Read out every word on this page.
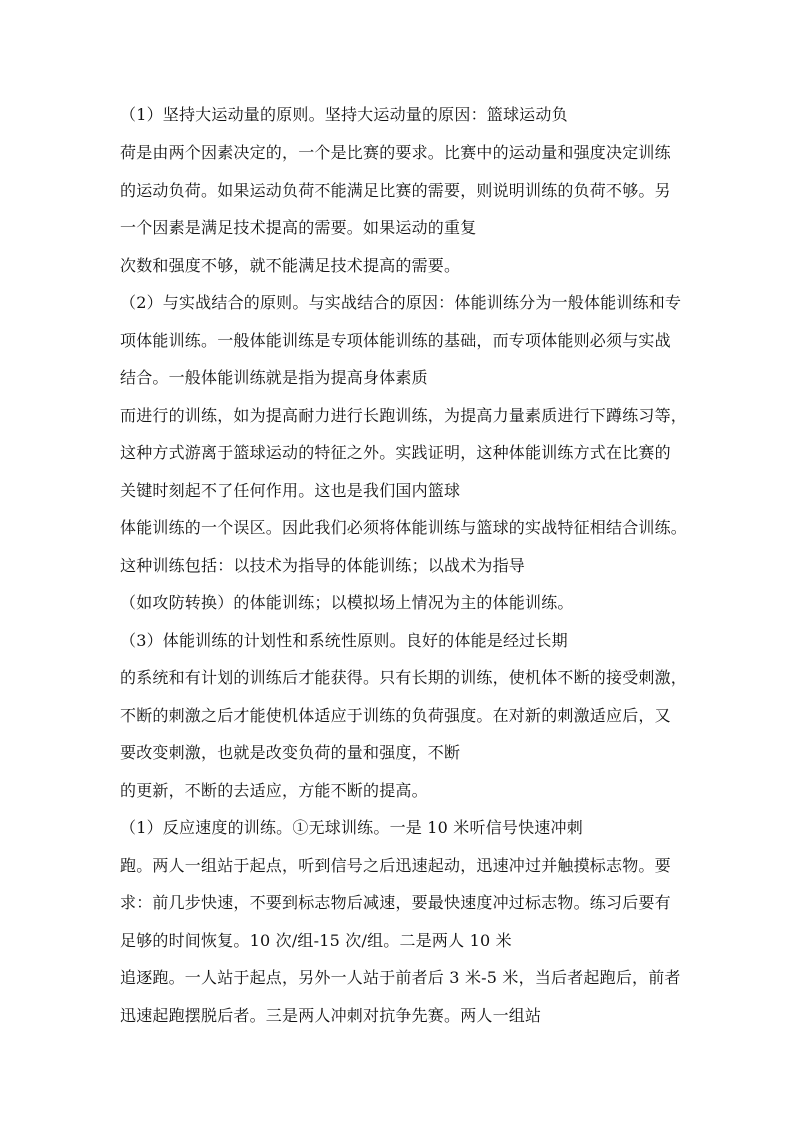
（1）坚持大运动量的原则。坚持大运动量的原因：篮球运动负
荷是由两个因素决定的，一个是比赛的要求。比赛中的运动量和强度决定训练
的运动负荷。如果运动负荷不能满足比赛的需要，则说明训练的负荷不够。另
一个因素是满足技术提高的需要。如果运动的重复
次数和强度不够，就不能满足技术提高的需要。
（2）与实战结合的原则。与实战结合的原因：体能训练分为一般体能训练和专
项体能训练。一般体能训练是专项体能训练的基础，而专项体能则必须与实战
结合。一般体能训练就是指为提高身体素质
而进行的训练，如为提高耐力进行长跑训练，为提高力量素质进行下蹲练习等，
这种方式游离于篮球运动的特征之外。实践证明，这种体能训练方式在比赛的
关键时刻起不了任何作用。这也是我们国内篮球
体能训练的一个误区。因此我们必须将体能训练与篮球的实战特征相结合训练。
这种训练包括：以技术为指导的体能训练；以战术为指导
（如攻防转换）的体能训练；以模拟场上情况为主的体能训练。
（3）体能训练的计划性和系统性原则。良好的体能是经过长期
的系统和有计划的训练后才能获得。只有长期的训练，使机体不断的接受刺激，
不断的刺激之后才能使机体适应于训练的负荷强度。在对新的刺激适应后，又
要改变刺激，也就是改变负荷的量和强度，不断
的更新，不断的去适应，方能不断的提高。
（1）反应速度的训练。①无球训练。一是 10 米听信号快速冲刺
跑。两人一组站于起点，听到信号之后迅速起动，迅速冲过并触摸标志物。要
求：前几步快速，不要到标志物后减速，要最快速度冲过标志物。练习后要有
足够的时间恢复。10 次/组-15 次/组。二是两人 10 米
追逐跑。一人站于起点，另外一人站于前者后 3 米-5 米，当后者起跑后，前者
迅速起跑摆脱后者。三是两人冲刺对抗争先赛。两人一组站
